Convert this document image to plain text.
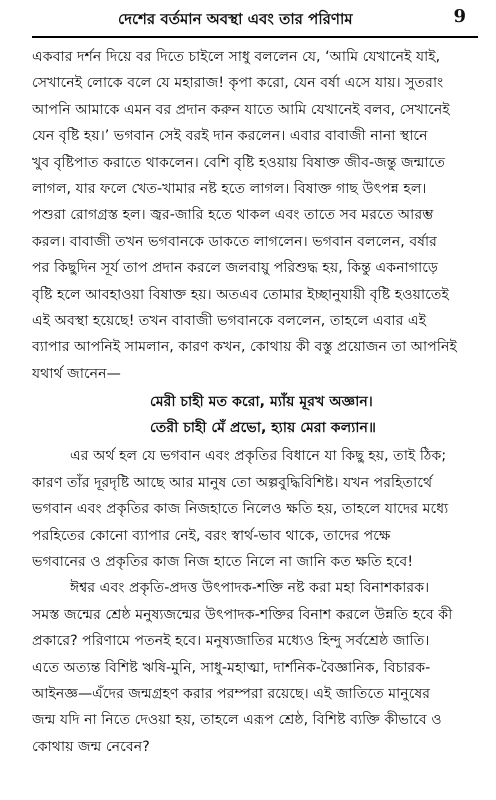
দেশের বর্তমান অবস্থা এবং তার পরিণাম	9

একবার দর্শন দিয়ে বর দিতে চাইলে সাধু বললেন যে, ‘আমি যেখানেই যাই,
সেখানেই লোকে বলে যে মহারাজ! কৃপা করো, যেন বর্ষা এসে যায়। সুতরাং
আপনি আমাকে এমন বর প্রদান করুন যাতে আমি যেখানেই বলব, সেখানেই
যেন বৃষ্টি হয়।’ ভগবান সেই বরই দান করলেন। এবার বাবাজী নানা স্থানে
খুব বৃষ্টিপাত করাতে থাকলেন। বেশি বৃষ্টি হওয়ায় বিষাক্ত জীব-জন্তু জন্মাতে
লাগল, যার ফলে খেত-খামার নষ্ট হতে লাগল। বিষাক্ত গাছ উৎপন্ন হল।
পশুরা রোগগ্রস্ত হল। জ্বর-জারি হতে থাকল এবং তাতে সব মরতে আরম্ভ
করল। বাবাজী তখন ভগবানকে ডাকতে লাগলেন। ভগবান বললেন, বর্ষার
পর কিছুদিন সূর্য তাপ প্রদান করলে জলবায়ু পরিশুদ্ধ হয়, কিন্তু একনাগাড়ে
বৃষ্টি হলে আবহাওয়া বিষাক্ত হয়। অতএব তোমার ইচ্ছানুযায়ী বৃষ্টি হওয়াতেই
এই অবস্থা হয়েছে! তখন বাবাজী ভগবানকে বললেন, তাহলে এবার এই
ব্যাপার আপনিই সামলান, কারণ কখন, কোথায় কী বস্তু প্রয়োজন তা আপনিই
যথার্থ জানেন—

মেরী চাহী মত করো, ম্যাঁয় মূরখ অজ্ঞান।
তেরী চাহী মেঁ প্রভো, হ্যায় মেরা কল্যান॥

এর অর্থ হল যে ভগবান এবং প্রকৃতির বিধানে যা কিছু হয়, তাই ঠিক;
কারণ তাঁর দূরদৃষ্টি আছে আর মানুষ তো অল্পবুদ্ধিবিশিষ্ট। যখন পরহিতার্থে
ভগবান এবং প্রকৃতির কাজ নিজহাতে নিলেও ক্ষতি হয়, তাহলে যাদের মধ্যে
পরহিতের কোনো ব্যাপার নেই, বরং স্বার্থ-ভাব থাকে, তাদের পক্ষে
ভগবানের ও প্রকৃতির কাজ নিজ হাতে নিলে না জানি কত ক্ষতি হবে!

ঈশ্বর এবং প্রকৃতি-প্রদত্ত উৎপাদক-শক্তি নষ্ট করা মহা বিনাশকারক।
সমস্ত জন্মের শ্রেষ্ঠ মনুষ্যজন্মের উৎপাদক-শক্তির বিনাশ করলে উন্নতি হবে কী
প্রকারে? পরিণামে পতনই হবে। মনুষ্যজাতির মধ্যেও হিন্দু সর্বশ্রেষ্ঠ জাতি।
এতে অত্যন্ত বিশিষ্ট ঋষি-মুনি, সাধু-মহাত্মা, দার্শনিক-বৈজ্ঞানিক, বিচারক-
আইনজ্ঞ—এঁদের জন্মগ্রহণ করার পরম্পরা রয়েছে। এই জাতিতে মানুষের
জন্ম যদি না নিতে দেওয়া হয়, তাহলে এরূপ শ্রেষ্ঠ, বিশিষ্ট ব্যক্তি কীভাবে ও
কোথায় জন্ম নেবেন?
